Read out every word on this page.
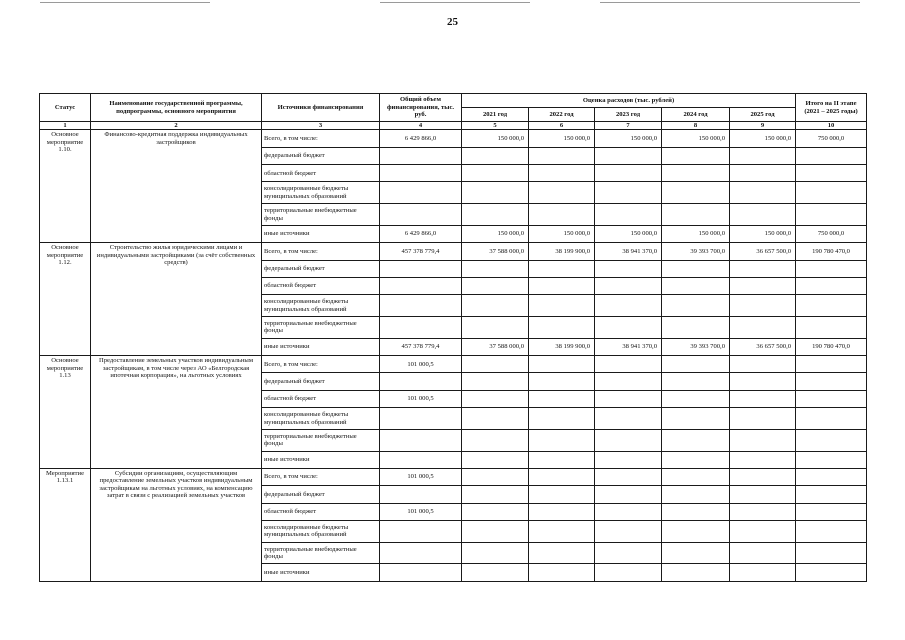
25
Статус	Наименование государственной программы, подпрограммы, основного мероприятия	Источники финансирования	Общий объем финансирования, тыс. руб.	Оценка расходов (тыс. рублей)					Итого на II этапе (2021 – 2025 годы)
				2021 год	2022 год	2023 год	2024 год	2025 год	
1	2	3	4	5	6	7	8	9	10
Основное мероприятие 1.10.	Финансово-кредитная поддержка индивидуальных застройщиков	Всего, в том числе:	6 429 866,0	150 000,0	150 000,0	150 000,0	150 000,0	150 000,0	750 000,0
		федеральный бюджет							
		областной бюджет							
		консолидированные бюджеты муниципальных образований							
		территориальные внебюджетные фонды							
		иные источники	6 429 866,0	150 000,0	150 000,0	150 000,0	150 000,0	150 000,0	750 000,0
Основное мероприятие 1.12.	Строительство жилья юридическими лицами и индивидуальными застройщиками (за счёт собственных средств)	Всего, в том числе:	457 378 779,4	37 588 000,0	38 199 900,0	38 941 370,0	39 393 700,0	36 657 500,0	190 780 470,0
		федеральный бюджет							
		областной бюджет							
		консолидированные бюджеты муниципальных образований							
		территориальные внебюджетные фонды							
		иные источники	457 378 779,4	37 588 000,0	38 199 900,0	38 941 370,0	39 393 700,0	36 657 500,0	190 780 470,0
Основное мероприятие 1.13	Предоставление земельных участков индивидуальным застройщикам, в том числе через АО «Белгородская ипотечная корпорация», на льготных условиях	Всего, в том числе:	101 000,5						
		федеральный бюджет							
		областной бюджет	101 000,5						
		консолидированные бюджеты муниципальных образований							
		территориальные внебюджетные фонды							
		иные источники							
Мероприятие 1.13.1	Субсидии организациям, осуществляющим предоставление земельных участков индивидуальным застройщикам на льготных условиях, на компенсацию затрат в связи с реализацией земельных участков	Всего, в том числе:	101 000,5						
		федеральный бюджет							
		областной бюджет	101 000,5						
		консолидированные бюджеты муниципальных образований							
		территориальные внебюджетные фонды							
		иные источники							
